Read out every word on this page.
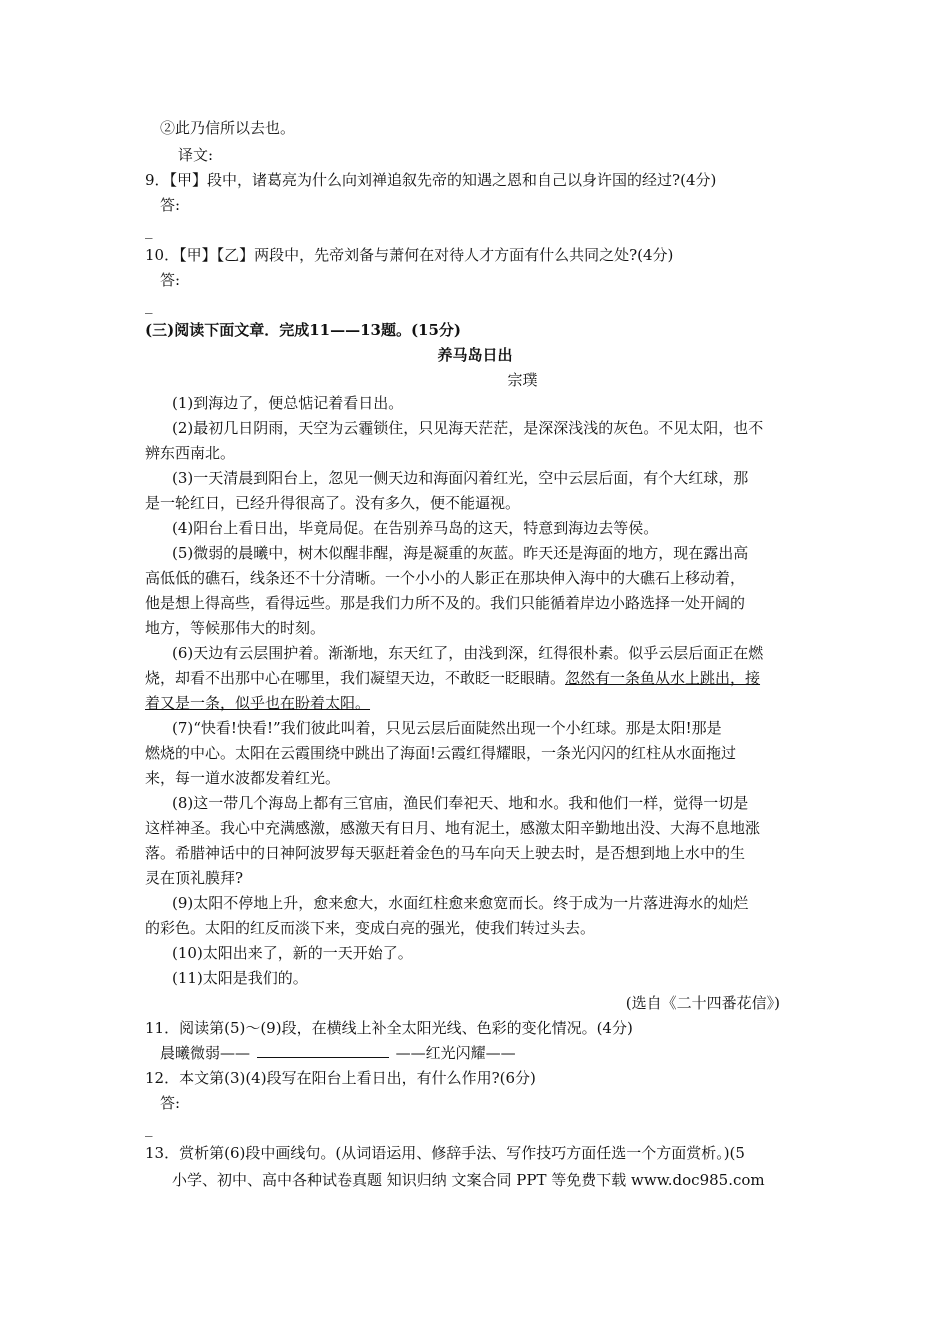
②此乃信所以去也。
译文:
9．【甲】段中，诸葛亮为什么向刘禅追叙先帝的知遇之恩和自己以身许国的经过?(4分)
答:
_
10．【甲】【乙】两段中，先帝刘备与萧何在对待人才方面有什么共同之处?(4分)
答:
_
(三)阅读下面文章．完成11——13题。(15分)
养马岛日出
宗璞
(1)到海边了，便总惦记着看日出。
(2)最初几日阴雨，天空为云霾锁住，只见海天茫茫，是深深浅浅的灰色。不见太阳，也不
辨东西南北。
(3)一天清晨到阳台上，忽见一侧天边和海面闪着红光，空中云层后面，有个大红球，那
是一轮红日，已经升得很高了。没有多久，便不能逼视。
(4)阳台上看日出，毕竟局促。在告别养马岛的这天，特意到海边去等侯。
(5)微弱的晨曦中，树木似醒非醒，海是凝重的灰蓝。昨天还是海面的地方，现在露出高
高低低的礁石，线条还不十分清晰。一个小小的人影正在那块伸入海中的大礁石上移动着，
他是想上得高些，看得远些。那是我们力所不及的。我们只能循着岸边小路选择一处开阔的
地方，等候那伟大的时刻。
(6)天边有云层围护着。渐渐地，东天红了，由浅到深，红得很朴素。似乎云层后面正在燃
烧，却看不出那中心在哪里，我们凝望天边，不敢眨一眨眼睛。忽然有一条鱼从水上跳出，接
着又是一条，似乎也在盼着太阳。
(7)“快看!快看!”我们彼此叫着，只见云层后面陡然出现一个小红球。那是太阳!那是
燃烧的中心。太阳在云霞围绕中跳出了海面!云霞红得耀眼，一条光闪闪的红柱从水面拖过
来，每一道水波都发着红光。
(8)这一带几个海岛上都有三官庙，渔民们奉祀天、地和水。我和他们一样，觉得一切是
这样神圣。我心中充满感激，感激天有日月、地有泥土，感激太阳辛勤地出没、大海不息地涨
落。希腊神话中的日神阿波罗每天驱赶着金色的马车向天上驶去时，是否想到地上水中的生
灵在顶礼膜拜?
(9)太阳不停地上升，愈来愈大，水面红柱愈来愈宽而长。终于成为一片落进海水的灿烂
的彩色。太阳的红反而淡下来，变成白亮的强光，使我们转过头去。
(10)太阳出来了，新的一天开始了。
(11)太阳是我们的。
(选自《二十四番花信》)
11．阅读第(5)～(9)段，在横线上补全太阳光线、色彩的变化情况。(4分)
晨曦微弱——	——红光闪耀——
12．本文第(3)(4)段写在阳台上看日出，有什么作用?(6分)
答:
_
13．赏析第(6)段中画线句。(从词语运用、修辞手法、写作技巧方面任选一个方面赏析。)(5
小学、初中、高中各种试卷真题 知识归纳 文案合同 PPT 等免费下载 www.doc985.com
